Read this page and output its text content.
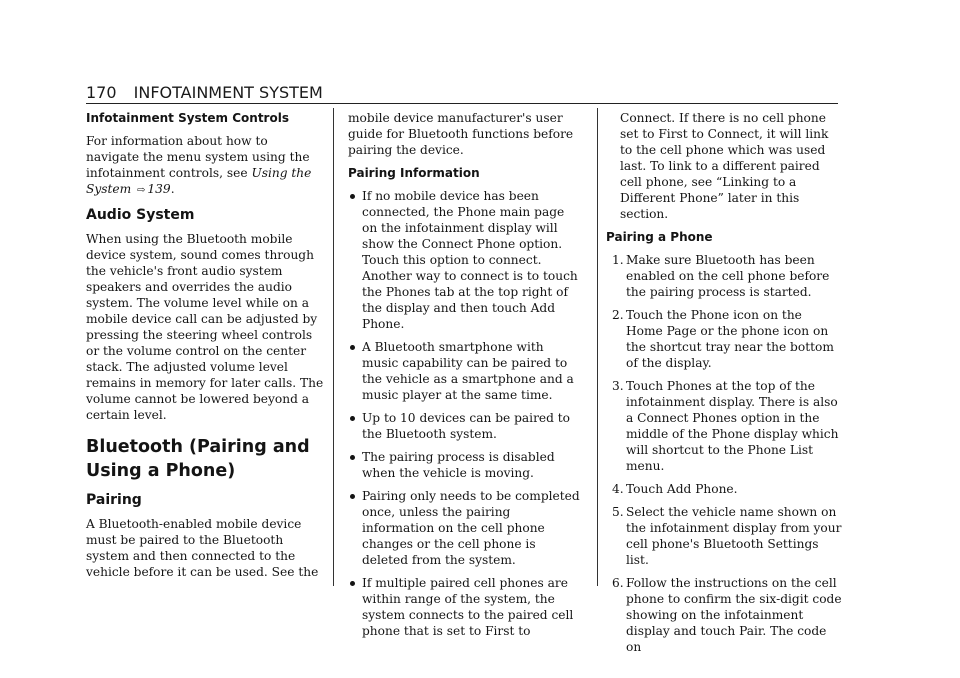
170 INFOTAINMENT SYSTEM
Infotainment System Controls

For information about how to navigate the menu system using the infotainment controls, see Using the System ⇨ 139.

Audio System

When using the Bluetooth mobile device system, sound comes through the vehicle's front audio system speakers and overrides the audio system. The volume level while on a mobile device call can be adjusted by pressing the steering wheel controls or the volume control on the center stack. The adjusted volume level remains in memory for later calls. The volume cannot be lowered beyond a certain level.

Bluetooth (Pairing and Using a Phone)
Pairing

A Bluetooth-enabled mobile device must be paired to the Bluetooth system and then connected to the vehicle before it can be used. See the

mobile device manufacturer's user guide for Bluetooth functions before pairing the device.

Pairing Information
If no mobile device has been connected, the Phone main page on the infotainment display will show the Connect Phone option. Touch this option to connect. Another way to connect is to touch the Phones tab at the top right of the display and then touch Add Phone.
A Bluetooth smartphone with music capability can be paired to the vehicle as a smartphone and a music player at the same time.
Up to 10 devices can be paired to the Bluetooth system.
The pairing process is disabled when the vehicle is moving.
Pairing only needs to be completed once, unless the pairing information on the cell phone changes or the cell phone is deleted from the system.
If multiple paired cell phones are within range of the system, the system connects to the paired cell phone that is set to First to

Connect. If there is no cell phone set to First to Connect, it will link to the cell phone which was used last. To link to a different paired cell phone, see “Linking to a Different Phone” later in this section.

Pairing a Phone
1. Make sure Bluetooth has been enabled on the cell phone before the pairing process is started.
2. Touch the Phone icon on the Home Page or the phone icon on the shortcut tray near the bottom of the display.
3. Touch Phones at the top of the infotainment display. There is also a Connect Phones option in the middle of the Phone display which will shortcut to the Phone List menu.
4. Touch Add Phone.
5. Select the vehicle name shown on the infotainment display from your cell phone's Bluetooth Settings list.
6. Follow the instructions on the cell phone to confirm the six-digit code showing on the infotainment display and touch Pair. The code on
